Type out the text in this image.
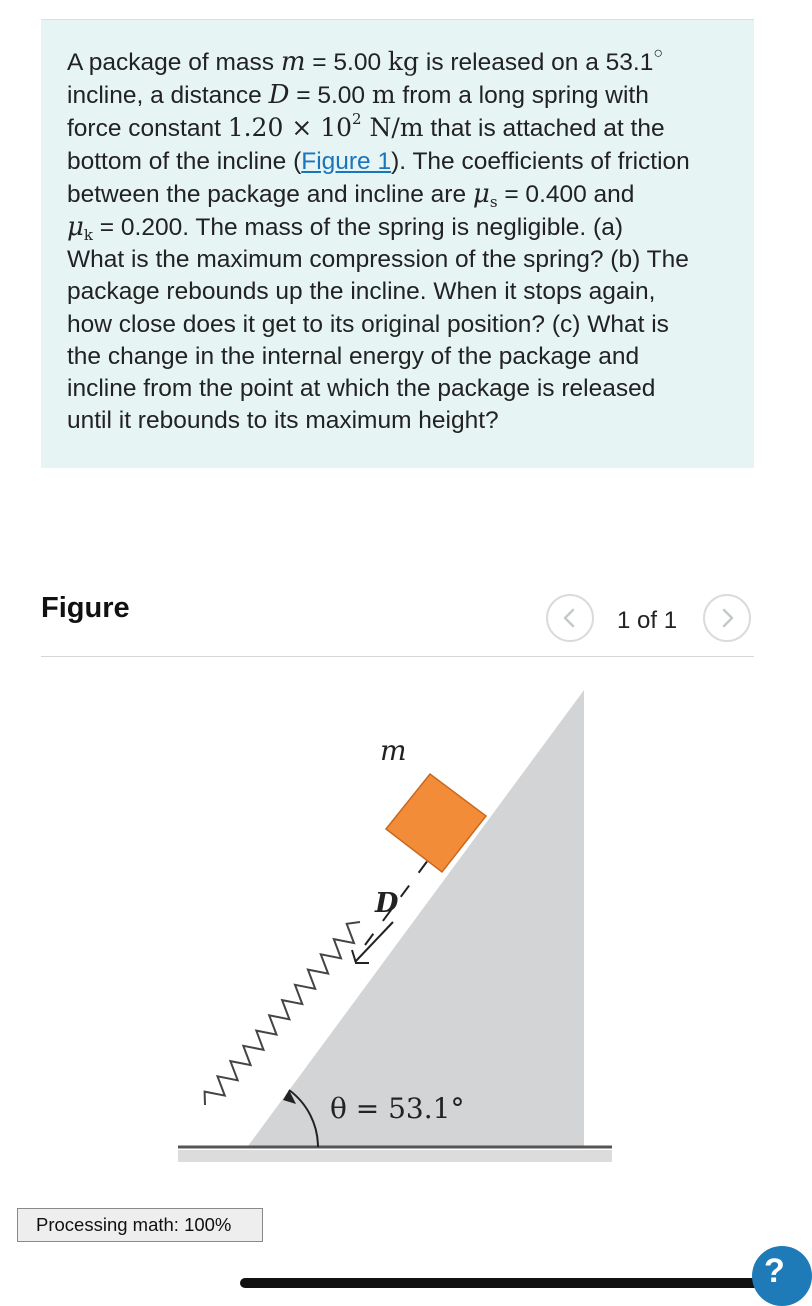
A package of mass m = 5.00 kg is released on a 53.1○
incline, a distance D = 5.00 m from a long spring with
force constant $1.20 \times 10^2$ N/m that is attached at the
bottom of the incline (Figure 1). The coefficients of friction
between the package and incline are $\mu_s = 0.400$ and
$\mu_k = 0.200$. The mass of the spring is negligible. (a)
What is the maximum compression of the spring? (b) The
package rebounds up the incline. When it stops again,
how close does it get to its original position? (c) What is
the change in the internal energy of the package and
incline from the point at which the package is released
until it rebounds to its maximum height?
Figure	1 of 1
m
D
θ = 53.1°
Processing math: 100%
?
